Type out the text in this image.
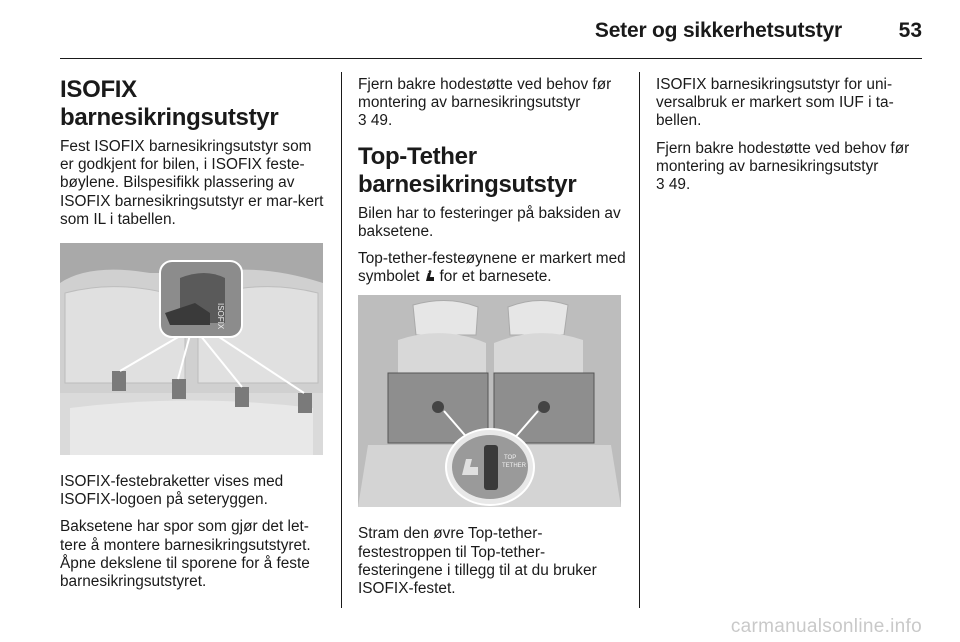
Seter og sikkerhetsutstyr	53
ISOFIX barnesikringsutstyr

Fest ISOFIX barnesikringsutstyr som er godkjent for bilen, i ISOFIX feste-bøylene. Bilspesifikk plassering av ISOFIX barnesikringsutstyr er mar-kert som IL i tabellen.

ISOFIX

ISOFIX-festebraketter vises med ISOFIX-logoen på seteryggen.

Baksetene har spor som gjør det let-tere å montere barnesikringsutstyret. Åpne dekslene til sporene for å feste barnesikringsutstyret.

Fjern bakre hodestøtte ved behov før montering av barnesikringsutstyr

3 49.

Top-Tether barnesikringsutstyr

Bilen har to festeringer på baksiden av baksetene.

Top-tether-festeøynene er markert med symbolet for et barnesete.

TOP
TETHER

Stram den øvre Top-tether-festestroppen til Top-tether-festeringene i tillegg til at du bruker ISOFIX-festet.

ISOFIX barnesikringsutstyr for uni-versalbruk er markert som IUF i ta-bellen.

Fjern bakre hodestøtte ved behov før montering av barnesikringsutstyr

3 49.

carmanualsonline.info
